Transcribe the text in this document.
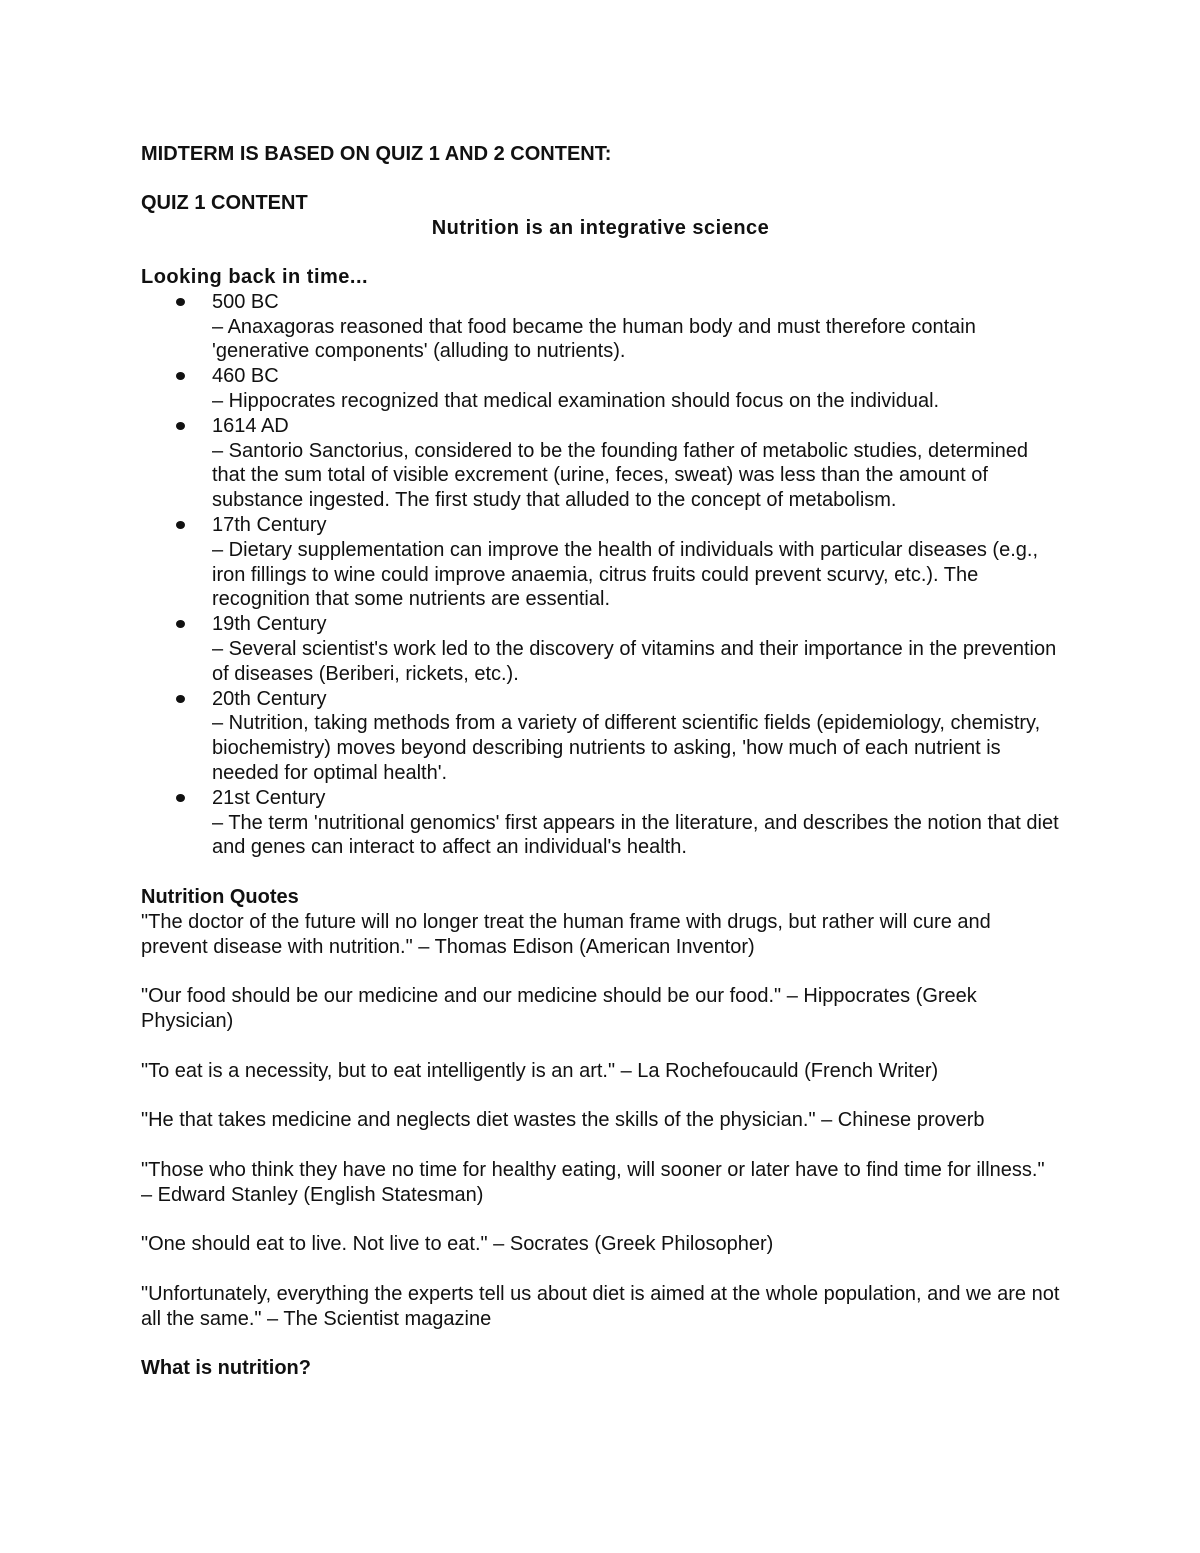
MIDTERM IS BASED ON QUIZ 1 AND 2 CONTENT:

QUIZ 1 CONTENT

Nutrition is an integrative science

Looking back in time...

500 BC
– Anaxagoras reasoned that food became the human body and must therefore contain 'generative components' (alluding to nutrients).
460 BC
– Hippocrates recognized that medical examination should focus on the individual.
1614 AD
– Santorio Sanctorius, considered to be the founding father of metabolic studies, determined that the sum total of visible excrement (urine, feces, sweat) was less than the amount of substance ingested. The first study that alluded to the concept of metabolism.
17th Century
– Dietary supplementation can improve the health of individuals with particular diseases (e.g., iron fillings to wine could improve anaemia, citrus fruits could prevent scurvy, etc.). The recognition that some nutrients are essential.
19th Century
– Several scientist's work led to the discovery of vitamins and their importance in the prevention of diseases (Beriberi, rickets, etc.).
20th Century
– Nutrition, taking methods from a variety of different scientific fields (epidemiology, chemistry, biochemistry) moves beyond describing nutrients to asking, 'how much of each nutrient is needed for optimal health'.
21st Century
– The term 'nutritional genomics' first appears in the literature, and describes the notion that diet and genes can interact to affect an individual's health.

Nutrition Quotes

"The doctor of the future will no longer treat the human frame with drugs, but rather will cure and prevent disease with nutrition." – Thomas Edison (American Inventor)

"Our food should be our medicine and our medicine should be our food." – Hippocrates (Greek Physician)

"To eat is a necessity, but to eat intelligently is an art." – La Rochefoucauld (French Writer)

"He that takes medicine and neglects diet wastes the skills of the physician." – Chinese proverb

"Those who think they have no time for healthy eating, will sooner or later have to find time for illness." – Edward Stanley (English Statesman)

"One should eat to live. Not live to eat." – Socrates (Greek Philosopher)

"Unfortunately, everything the experts tell us about diet is aimed at the whole population, and we are not all the same." – The Scientist magazine

What is nutrition?
